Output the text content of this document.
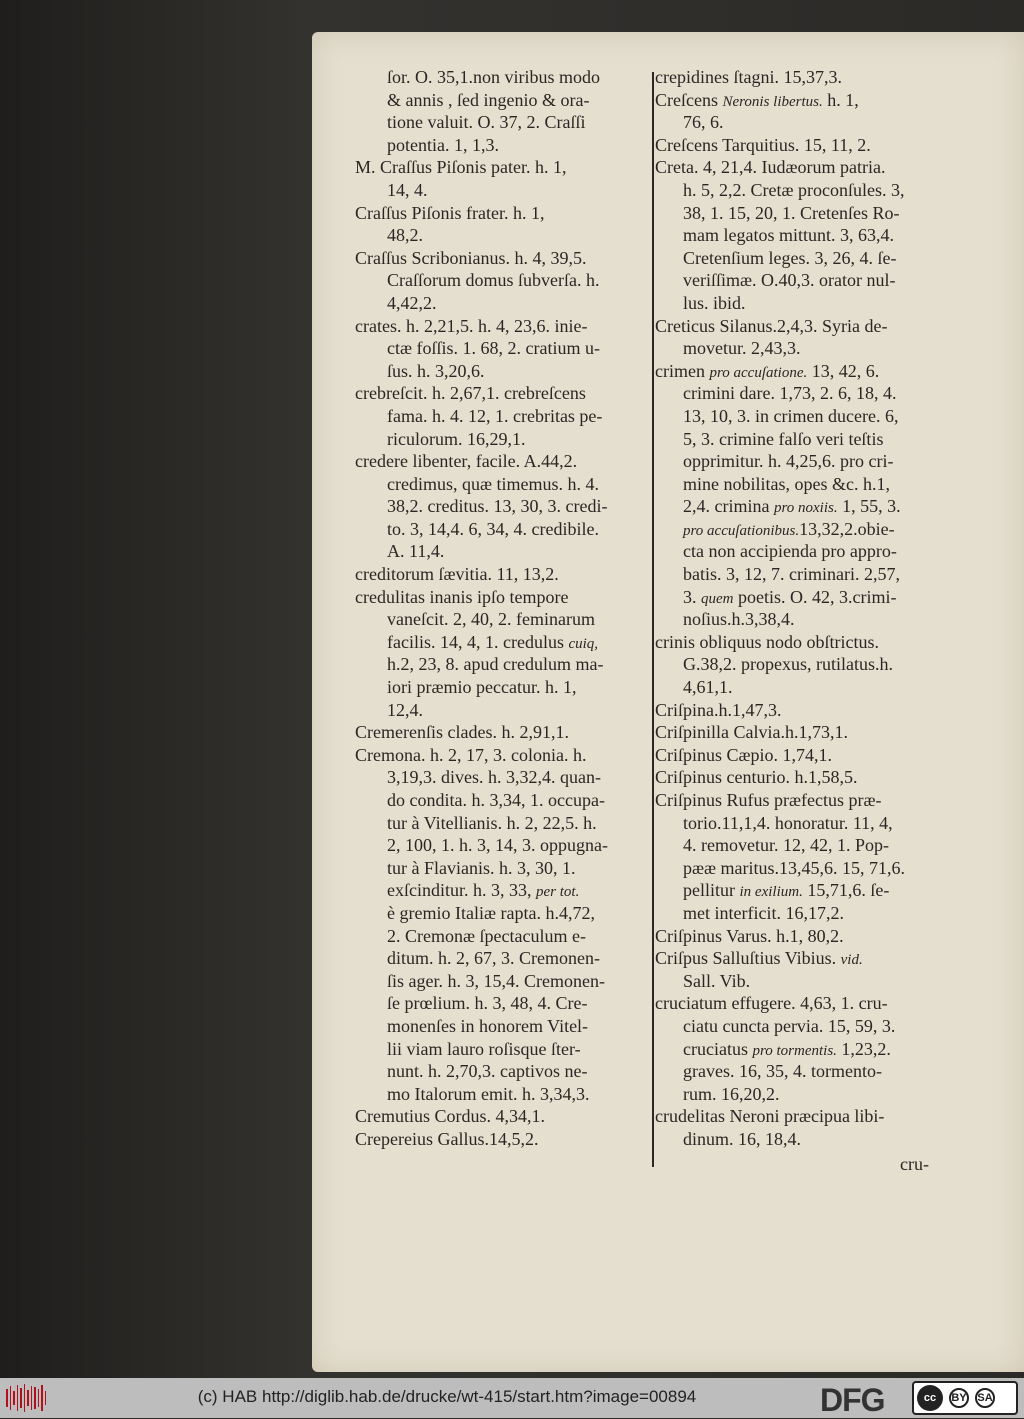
ſor. O. 35,1.non viribus modo
& annis , ſed ingenio & ora-
tione valuit. O. 37, 2. Craſſi
potentia. 1, 1,3.
M. Craſſus Piſonis pater. h. 1,
14, 4.
Craſſus Piſonis frater. h. 1,
48,2.
Craſſus Scribonianus. h. 4, 39,5.
Craſſorum domus ſubverſa. h.
4,42,2.
crates. h. 2,21,5. h. 4, 23,6. inie-
ctæ foſſis. 1. 68, 2. cratium u-
ſus. h. 3,20,6.
crebreſcit. h. 2,67,1. crebreſcens
fama. h. 4. 12, 1. crebritas pe-
riculorum. 16,29,1.
credere libenter, facile. A.44,2.
credimus, quæ timemus. h. 4.
38,2. creditus. 13, 30, 3. credi-
to. 3, 14,4. 6, 34, 4. credibile.
A. 11,4.
creditorum ſævitia. 11, 13,2.
credulitas inanis ipſo tempore
vaneſcit. 2, 40, 2. feminarum
facilis. 14, 4, 1. credulus cuiq,
h.2, 23, 8. apud credulum ma-
iori præmio peccatur. h. 1,
12,4.
Cremerenſis clades. h. 2,91,1.
Cremona. h. 2, 17, 3. colonia. h.
3,19,3. dives. h. 3,32,4. quan-
do condita. h. 3,34, 1. occupa-
tur à Vitellianis. h. 2, 22,5. h.
2, 100, 1. h. 3, 14, 3. oppugna-
tur à Flavianis. h. 3, 30, 1.
exſcinditur. h. 3, 33, per tot.
è gremio Italiæ rapta. h.4,72,
2. Cremonæ ſpectaculum e-
ditum. h. 2, 67, 3. Cremonen-
ſis ager. h. 3, 15,4. Cremonen-
ſe prœlium. h. 3, 48, 4. Cre-
monenſes in honorem Vitel-
lii viam lauro roſisque ſter-
nunt. h. 2,70,3. captivos ne-
mo Italorum emit. h. 3,34,3.
Cremutius Cordus. 4,34,1.
Crepereius Gallus.14,5,2.
crepidines ſtagni. 15,37,3.
Creſcens Neronis libertus. h. 1,
76, 6.
Creſcens Tarquitius. 15, 11, 2.
Creta. 4, 21,4. Iudæorum patria.
h. 5, 2,2. Cretæ proconſules. 3,
38, 1. 15, 20, 1. Cretenſes Ro-
mam legatos mittunt. 3, 63,4.
Cretenſium leges. 3, 26, 4. ſe-
veriſſimæ. O.40,3. orator nul-
lus. ibid.
Creticus Silanus.2,4,3. Syria de-
movetur. 2,43,3.
crimen pro accuſatione. 13, 42, 6.
crimini dare. 1,73, 2. 6, 18, 4.
13, 10, 3. in crimen ducere. 6,
5, 3. crimine falſo veri teſtis
opprimitur. h. 4,25,6. pro cri-
mine nobilitas, opes &c. h.1,
2,4. crimina pro noxiis. 1, 55, 3.
pro accuſationibus.13,32,2.obie-
cta non accipienda pro appro-
batis. 3, 12, 7. criminari. 2,57,
3. quem poetis. O. 42, 3.crimi-
noſius.h.3,38,4.
crinis obliquus nodo obſtrictus.
G.38,2. propexus, rutilatus.h.
4,61,1.
Criſpina.h.1,47,3.
Criſpinilla Calvia.h.1,73,1.
Criſpinus Cæpio. 1,74,1.
Criſpinus centurio. h.1,58,5.
Criſpinus Rufus præfectus præ-
torio.11,1,4. honoratur. 11, 4,
4. removetur. 12, 42, 1. Pop-
pææ maritus.13,45,6. 15, 71,6.
pellitur in exilium. 15,71,6. ſe-
met interficit. 16,17,2.
Criſpinus Varus. h.1, 80,2.
Criſpus Salluſtius Vibius. vid.
Sall. Vib.
cruciatum effugere. 4,63, 1. cru-
ciatu cuncta pervia. 15, 59, 3.
cruciatus pro tormentis. 1,23,2.
graves. 16, 35, 4. tormento-
rum. 16,20,2.
crudelitas Neroni præcipua libi-
dinum. 16, 18,4.
cru-
(c) HAB http://diglib.hab.de/drucke/wt-415/start.htm?image=00894	DFG	cc	BY SA
